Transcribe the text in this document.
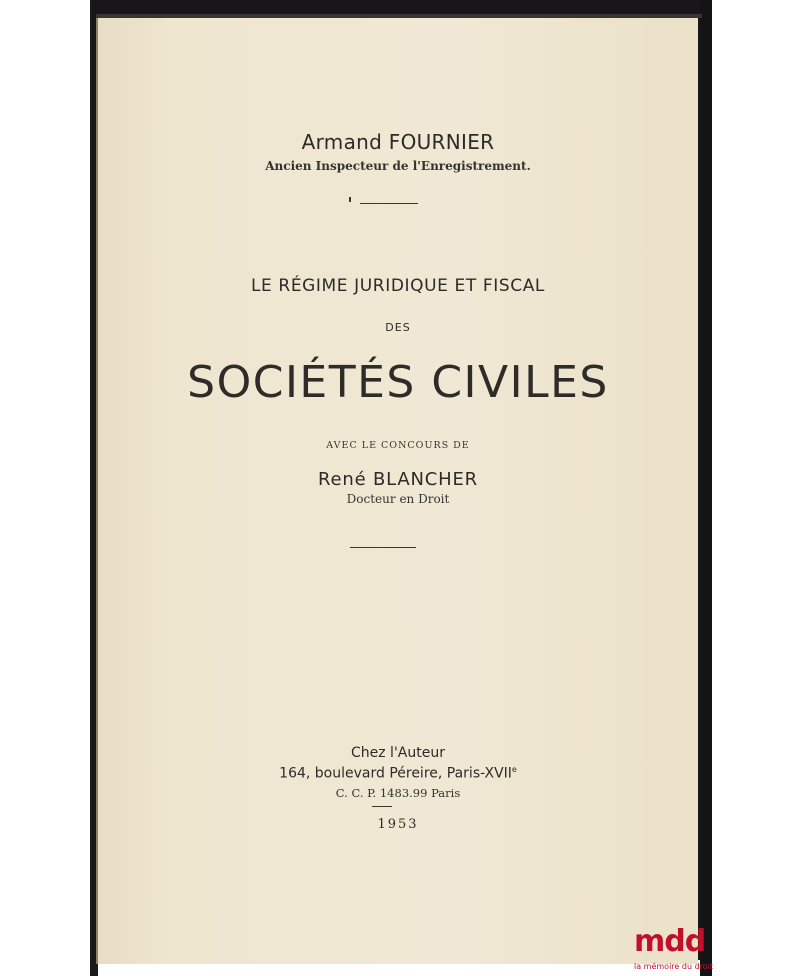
Armand FOURNIER
Ancien Inspecteur de l'Enregistrement.
LE RÉGIME JURIDIQUE ET FISCAL
DES
SOCIÉTÉS CIVILES
AVEC LE CONCOURS DE
René BLANCHER
Docteur en Droit
Chez l'Auteur
164, boulevard Péreire, Paris-XVIIe
C. C. P. 1483.99 Paris
1953
mdd
la mémoire du droit
